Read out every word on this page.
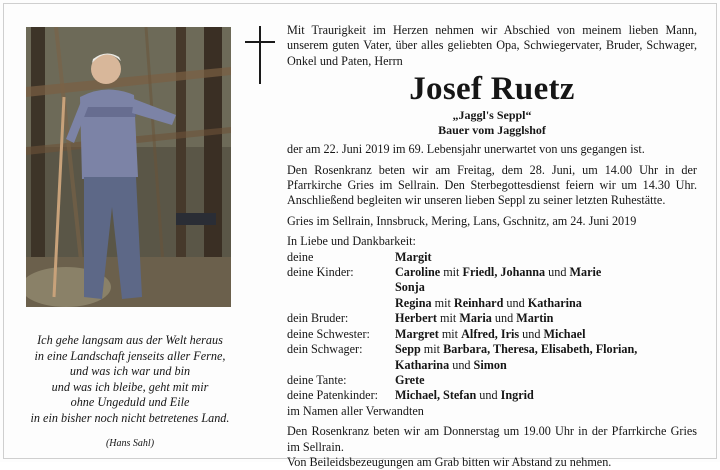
Ich gehe langsam aus der Welt heraus
in eine Landschaft jenseits aller Ferne,
und was ich war und bin
und was ich bleibe, geht mit mir
ohne Ungeduld und Eile
in ein bisher noch nicht betretenes Land.
(Hans Sahl)

Mit Traurigkeit im Herzen nehmen wir Abschied von meinem lieben Mann, unserem guten Vater, über alles geliebten Opa, Schwiegervater, Bruder, Schwager, Onkel und Paten, Herrn

Josef Ruetz
„Jaggl's Seppl“
Bauer vom Jagglshof

der am 22. Juni 2019 im 69. Lebensjahr unerwartet von uns gegangen ist.

Den Rosenkranz beten wir am Freitag, dem 28. Juni, um 14.00 Uhr in der Pfarrkirche Gries im Sellrain. Den Sterbegottesdienst feiern wir um 14.30 Uhr. Anschließend begleiten wir unseren lieben Seppl zu seiner letzten Ruhestätte.

Gries im Sellrain, Innsbruck, Mering, Lans, Gschnitz, am 24. Juni 2019

In Liebe und Dankbarkeit:

deine	Margit
deine Kinder:	Caroline mit Friedl, Johanna und Marie
Sonja
Regina mit Reinhard und Katharina
dein Bruder:	Herbert mit Maria und Martin
deine Schwester:	Margret mit Alfred, Iris und Michael
dein Schwager:	Sepp mit Barbara, Theresa, Elisabeth, Florian,
Katharina und Simon
deine Tante:	Grete
deine Patenkinder:	Michael, Stefan und Ingrid

im Namen aller Verwandten

Den Rosenkranz beten wir am Donnerstag um 19.00 Uhr in der Pfarrkirche Gries im Sellrain.

Von Beileidsbezeugungen am Grab bitten wir Abstand zu nehmen.
